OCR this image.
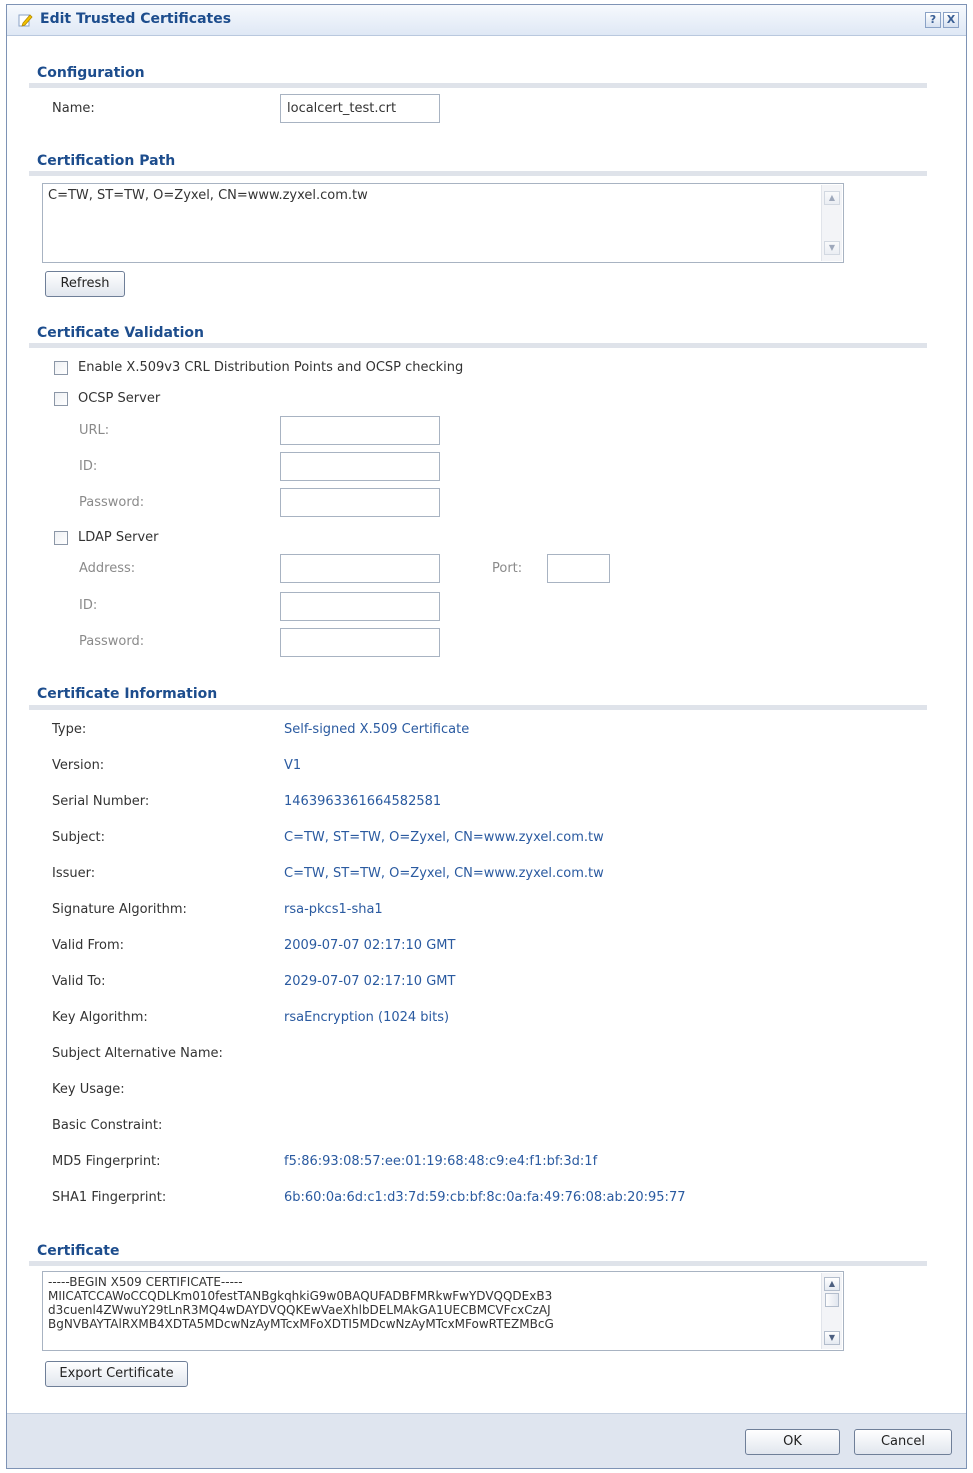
Edit Trusted Certificates	? X
Configuration
Name:
localcert_test.crt
Certification Path
C=TW, ST=TW, O=Zyxel, CN=www.zyxel.com.tw	▲
▼
Refresh
Certificate Validation
Enable X.509v3 CRL Distribution Points and OCSP checking
OCSP Server
URL:
ID:
Password:
LDAP Server
Address:	Port:
ID:
Password:
Certificate Information
Type:	Self-signed X.509 Certificate
Version:	V1
Serial Number:	1463963361664582581
Subject:	C=TW, ST=TW, O=Zyxel, CN=www.zyxel.com.tw
Issuer:	C=TW, ST=TW, O=Zyxel, CN=www.zyxel.com.tw
Signature Algorithm:	rsa-pkcs1-sha1
Valid From:	2009-07-07 02:17:10 GMT
Valid To:	2029-07-07 02:17:10 GMT
Key Algorithm:	rsaEncryption (1024 bits)
Subject Alternative Name:
Key Usage:
Basic Constraint:
MD5 Fingerprint:	f5:86:93:08:57:ee:01:19:68:48:c9:e4:f1:bf:3d:1f
SHA1 Fingerprint:	6b:60:0a:6d:c1:d3:7d:59:cb:bf:8c:0a:fa:49:76:08:ab:20:95:77
Certificate
-----BEGIN X509 CERTIFICATE-----
MIICATCCAWoCCQDLKm010festTANBgkqhkiG9w0BAQUFADBFMRkwFwYDVQQDExB3
d3cuenl4ZWwuY29tLnR3MQ4wDAYDVQQKEwVaeXhlbDELMAkGA1UECBMCVFcxCzAJ
BgNVBAYTAlRXMB4XDTA5MDcwNzAyMTcxMFoXDTI5MDcwNzAyMTcxMFowRTEZMBcG
▲
▼
Export Certificate
OK	Cancel
